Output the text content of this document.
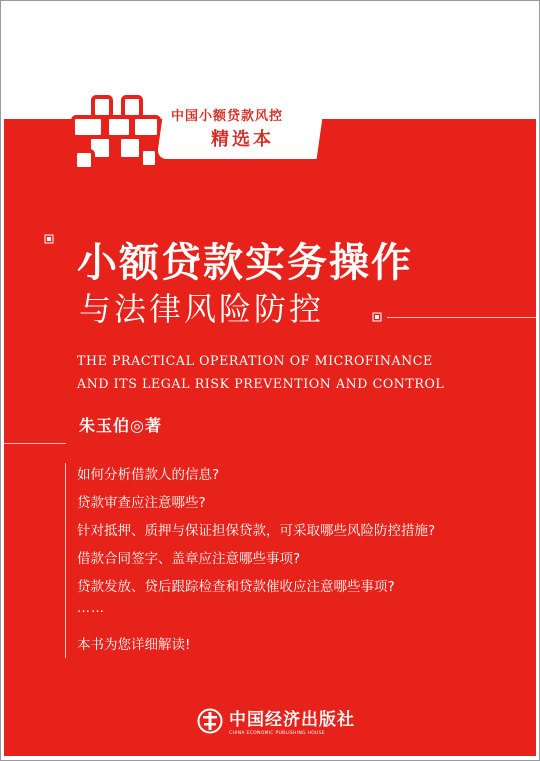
中国小额贷款风控
精选本
小额贷款实务操作
与法律风险防控
THE PRACTICAL OPERATION OF MICROFINANCE
AND ITS LEGAL RISK PREVENTION AND CONTROL
朱玉伯◎著
如何分析借款人的信息?
贷款审查应注意哪些?
针对抵押、质押与保证担保贷款，可采取哪些风险防控措施?
借款合同签字、盖章应注意哪些事项?
贷款发放、贷后跟踪检查和贷款催收应注意哪些事项?
……
本书为您详细解读!
中国经济出版社
CHINA ECONOMIC PUBLISHING HOUSE
